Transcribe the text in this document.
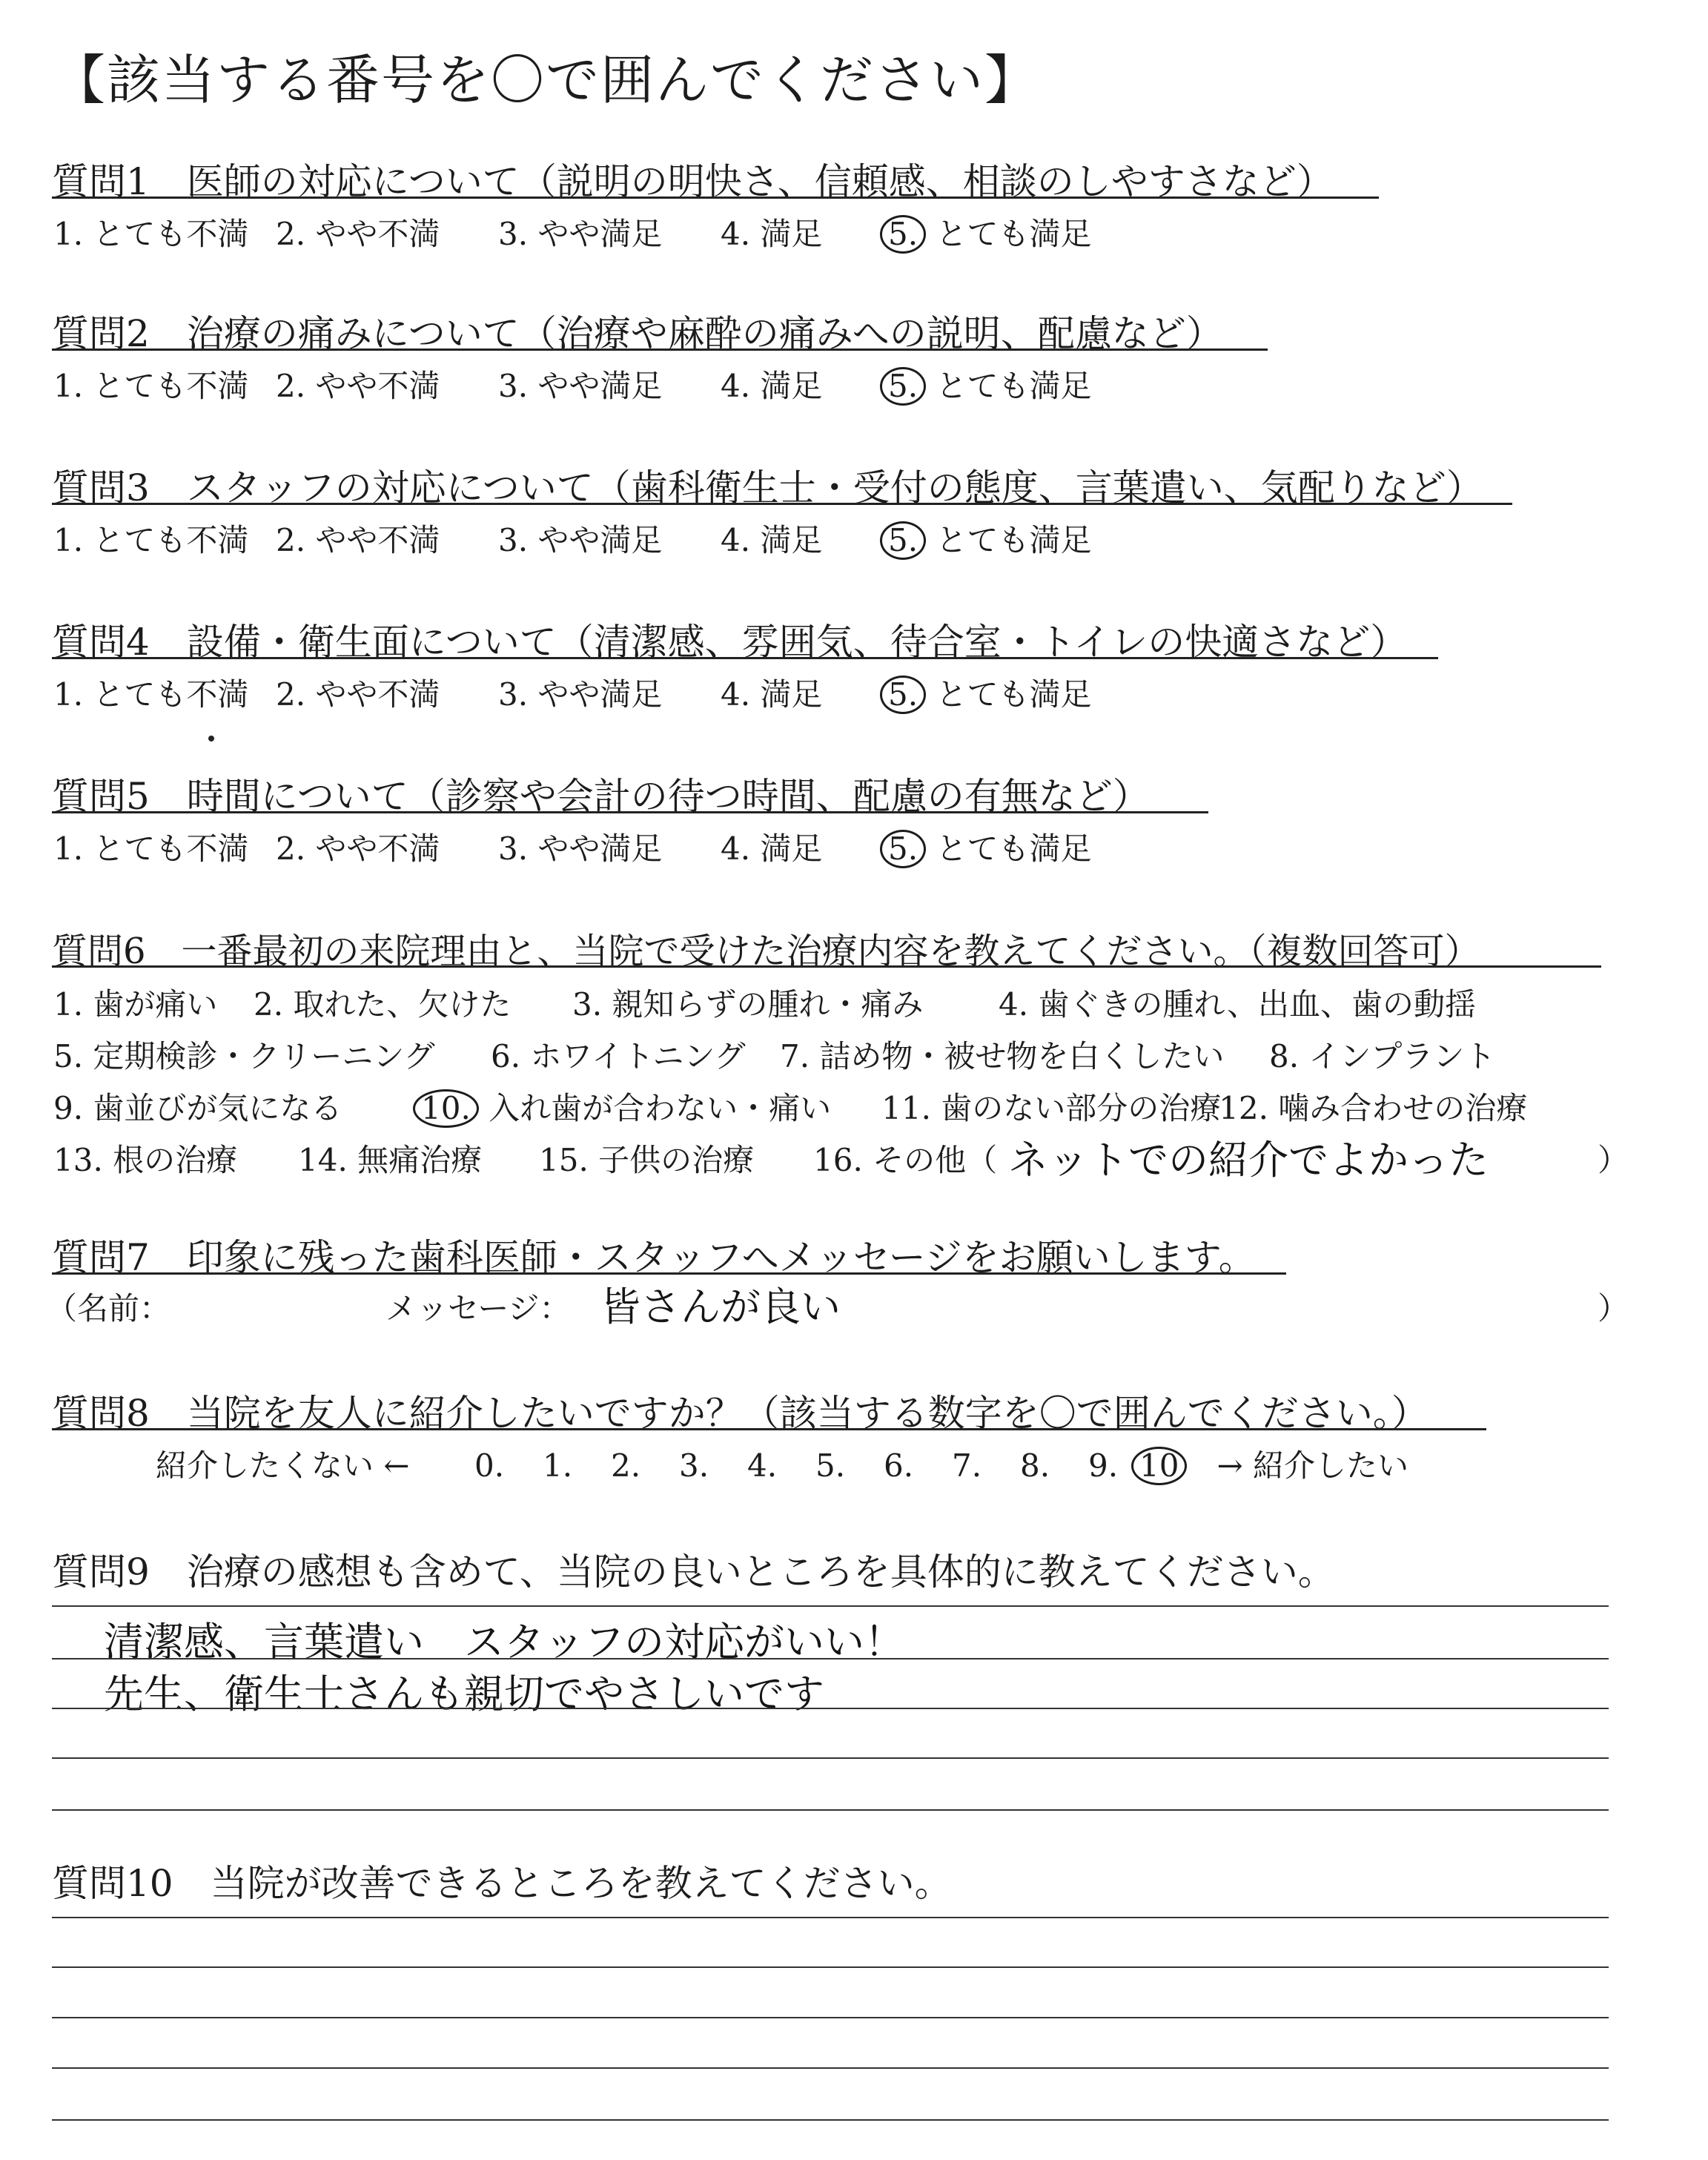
【該当する番号を〇で囲んでください】
質問1　医師の対応について（説明の明快さ、信頼感、相談のしやすさなど）
1. とても不満 2. やや不満 3. やや満足 4. 満足 5. とても満足
質問2　治療の痛みについて（治療や麻酔の痛みへの説明、配慮など）
1. とても不満 2. やや不満 3. やや満足 4. 満足 5. とても満足
質問3　スタッフの対応について（歯科衛生士・受付の態度、言葉遣い、気配りなど）
1. とても不満 2. やや不満 3. やや満足 4. 満足 5. とても満足
質問4　設備・衛生面について（清潔感、雰囲気、待合室・トイレの快適さなど）
1. とても不満 2. やや不満 3. やや満足 4. 満足 5. とても満足
質問5　時間について（診察や会計の待つ時間、配慮の有無など）
1. とても不満 2. やや不満 3. やや満足 4. 満足 5. とても満足
質問6　一番最初の来院理由と、当院で受けた治療内容を教えてください。（複数回答可）
1. 歯が痛い 2. 取れた、欠けた 3. 親知らずの腫れ・痛み 4. 歯ぐきの腫れ、出血、歯の動揺
5. 定期検診・クリーニング 6. ホワイトニング 7. 詰め物・被せ物を白くしたい 8. インプラント
9. 歯並びが気になる	10. 入れ歯が合わない・痛い 11. 歯のない部分の治療12. 噛み合わせの治療
13. 根の治療 14. 無痛治療 15. 子供の治療 16. その他（ ネットでの紹介でよかった	）
質問7　印象に残った歯科医師・スタッフへメッセージをお願いします。
（名前：	メッセージ： 皆さんが良い	）
質問8　当院を友人に紹介したいですか？（該当する数字を〇で囲んでください。）
紹介したくない ← 0. 1. 2. 3. 4. 5. 6. 7. 8. 9. 10 → 紹介したい
質問9　治療の感想も含めて、当院の良いところを具体的に教えてください。
清潔感、言葉遣い　スタッフの対応がいい！
先生、衛生士さんも親切でやさしいです
質問10　当院が改善できるところを教えてください。
